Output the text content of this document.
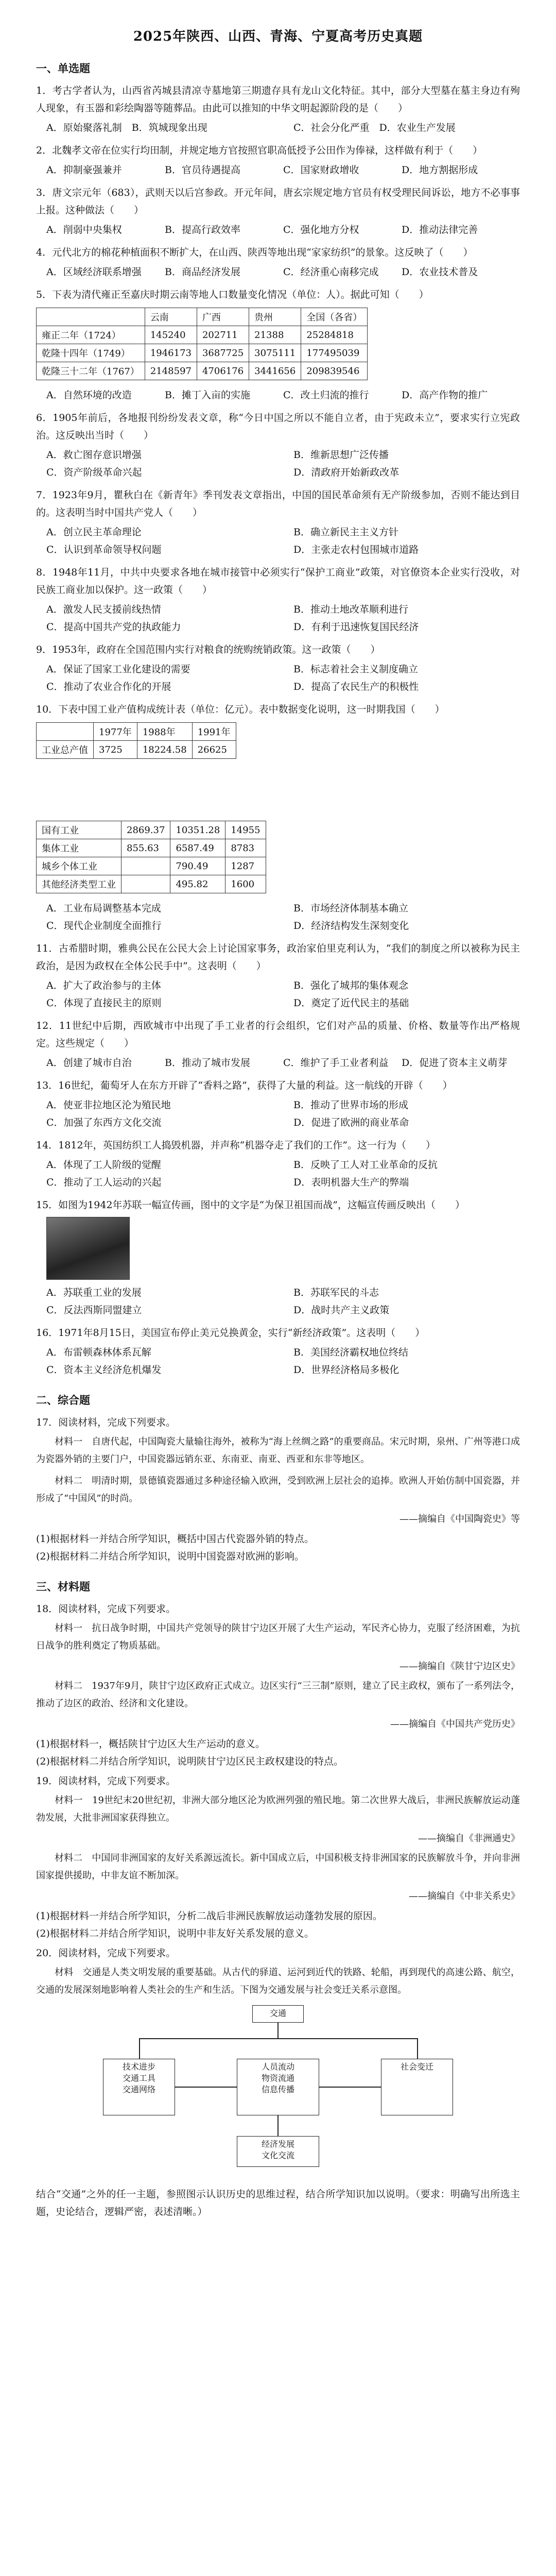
2025年陕西、山西、青海、宁夏高考历史真题
一、单选题

1．考古学者认为，山西省芮城县清凉寺墓地第三期遗存具有龙山文化特征。其中，部分大型墓在墓主身边有殉人现象，有玉器和彩绘陶器等随葬品。由此可以推知的中华文明起源阶段的是（　　）

A．原始聚落礼制　B．筑城现象出现	C．社会分化严重　D．农业生产发展

2．北魏孝文帝在位实行均田制，并规定地方官按照官职高低授予公田作为俸禄，这样做有利于（　　）

A．抑制豪强兼并	B．官员待遇提高	C．国家财政增收	D．地方割据形成

3．唐文宗元年（683），武则天以后宫参政。开元年间，唐玄宗规定地方官员有权受理民间诉讼，地方不必事事上报。这种做法（　　）

A．削弱中央集权	B．提高行政效率	C．强化地方分权	D．推动法律完善

4．元代北方的棉花种植面积不断扩大，在山西、陕西等地出现“家家纺织”的景象。这反映了（　　）

A．区域经济联系增强	B．商品经济发展	C．经济重心南移完成	D．农业技术普及

5．下表为清代雍正至嘉庆时期云南等地人口数量变化情况（单位：人）。据此可知（　　）

	云南	广西	贵州	全国（各省）
雍正二年（1724）	145240	202711	21388	25284818
乾隆十四年（1749）	1946173	3687725	3075111	177495039
乾隆三十二年（1767）	2148597	4706176	3441656	209839546
A．自然环境的改造	B．摊丁入亩的实施	C．改土归流的推行	D．高产作物的推广

6．1905年前后，各地报刊纷纷发表文章，称“今日中国之所以不能自立者，由于宪政未立”，要求实行立宪政治。这反映出当时（　　）

A．救亡图存意识增强	B．维新思想广泛传播
C．资产阶级革命兴起	D．清政府开始新政改革

7．1923年9月，瞿秋白在《新青年》季刊发表文章指出，中国的国民革命须有无产阶级参加，否则不能达到目的。这表明当时中国共产党人（　　）

A．创立民主革命理论	B．确立新民主主义方针
C．认识到革命领导权问题	D．主张走农村包围城市道路

8．1948年11月，中共中央要求各地在城市接管中必须实行“保护工商业”政策，对官僚资本企业实行没收，对民族工商业加以保护。这一政策（　　）

A．激发人民支援前线热情	B．推动土地改革顺利进行
C．提高中国共产党的执政能力	D．有利于迅速恢复国民经济

9．1953年，政府在全国范围内实行对粮食的统购统销政策。这一政策（　　）

A．保证了国家工业化建设的需要	B．标志着社会主义制度确立
C．推动了农业合作化的开展	D．提高了农民生产的积极性

10．下表中国工业产值构成统计表（单位：亿元）。表中数据变化说明，这一时期我国（　　）

	1977年	1988年	1991年
工业总产值	3725	18224.58	26625
国有工业	2869.37	10351.28	14955
集体工业	855.63	6587.49	8783
城乡个体工业		790.49	1287
其他经济类型工业		495.82	1600
A．工业布局调整基本完成	B．市场经济体制基本确立
C．现代企业制度全面推行	D．经济结构发生深刻变化

11．古希腊时期，雅典公民在公民大会上讨论国家事务，政治家伯里克利认为，“我们的制度之所以被称为民主政治，是因为政权在全体公民手中”。这表明（　　）

A．扩大了政治参与的主体	B．强化了城邦的集体观念
C．体现了直接民主的原则	D．奠定了近代民主的基础

12．11世纪中后期，西欧城市中出现了手工业者的行会组织，它们对产品的质量、价格、数量等作出严格规定。这些规定（　　）

A．创建了城市自治	B．推动了城市发展	C．维护了手工业者利益	D．促进了资本主义萌芽

13．16世纪，葡萄牙人在东方开辟了“香料之路”，获得了大量的利益。这一航线的开辟（　　）

A．使亚非拉地区沦为殖民地	B．推动了世界市场的形成
C．加强了东西方文化交流	D．促进了欧洲的商业革命

14．1812年，英国纺织工人捣毁机器，并声称“机器夺走了我们的工作”。这一行为（　　）

A．体现了工人阶级的觉醒	B．反映了工人对工业革命的反抗
C．推动了工人运动的兴起	D．表明机器大生产的弊端

15．如图为1942年苏联一幅宣传画，图中的文字是“为保卫祖国而战”，这幅宣传画反映出（　　）

A．苏联重工业的发展	B．苏联军民的斗志
C．反法西斯同盟建立	D．战时共产主义政策

16．1971年8月15日，美国宣布停止美元兑换黄金，实行“新经济政策”。这表明（　　）

A．布雷顿森林体系瓦解	B．美国经济霸权地位终结
C．资本主义经济危机爆发	D．世界经济格局多极化
二、综合题

17．阅读材料，完成下列要求。

材料一　自唐代起，中国陶瓷大量输往海外，被称为“海上丝绸之路”的重要商品。宋元时期，泉州、广州等港口成为瓷器外销的主要门户，中国瓷器远销东亚、东南亚、南亚、西亚和东非等地区。

材料二　明清时期，景德镇瓷器通过多种途径输入欧洲，受到欧洲上层社会的追捧。欧洲人开始仿制中国瓷器，并形成了“中国风”的时尚。

——摘编自《中国陶瓷史》等

(1)根据材料一并结合所学知识，概括中国古代瓷器外销的特点。
(2)根据材料二并结合所学知识，说明中国瓷器对欧洲的影响。

三、材料题

18．阅读材料，完成下列要求。

材料一　抗日战争时期，中国共产党领导的陕甘宁边区开展了大生产运动，军民齐心协力，克服了经济困难，为抗日战争的胜利奠定了物质基础。

——摘编自《陕甘宁边区史》

材料二　1937年9月，陕甘宁边区政府正式成立。边区实行“三三制”原则，建立了民主政权，颁布了一系列法令，推动了边区的政治、经济和文化建设。

——摘编自《中国共产党历史》

(1)根据材料一，概括陕甘宁边区大生产运动的意义。
(2)根据材料二并结合所学知识，说明陕甘宁边区民主政权建设的特点。

19．阅读材料，完成下列要求。

材料一　19世纪末20世纪初，非洲大部分地区沦为欧洲列强的殖民地。第二次世界大战后，非洲民族解放运动蓬勃发展，大批非洲国家获得独立。

——摘编自《非洲通史》

材料二　中国同非洲国家的友好关系源远流长。新中国成立后，中国积极支持非洲国家的民族解放斗争，并向非洲国家提供援助，中非友谊不断加深。

——摘编自《中非关系史》

(1)根据材料一并结合所学知识，分析二战后非洲民族解放运动蓬勃发展的原因。
(2)根据材料二并结合所学知识，说明中非友好关系发展的意义。

20．阅读材料，完成下列要求。

材料　交通是人类文明发展的重要基础。从古代的驿道、运河到近代的铁路、轮船，再到现代的高速公路、航空，交通的发展深刻地影响着人类社会的生产和生活。下图为交通发展与社会变迁关系示意图。

交通
技术进步
交通工具
交通网络
人员流动
物资流通
信息传播
社会变迁
经济发展
文化交流

结合“交通”之外的任一主题，参照图示认识历史的思维过程，结合所学知识加以说明。（要求：明确写出所选主题，史论结合，逻辑严密，表述清晰。）
